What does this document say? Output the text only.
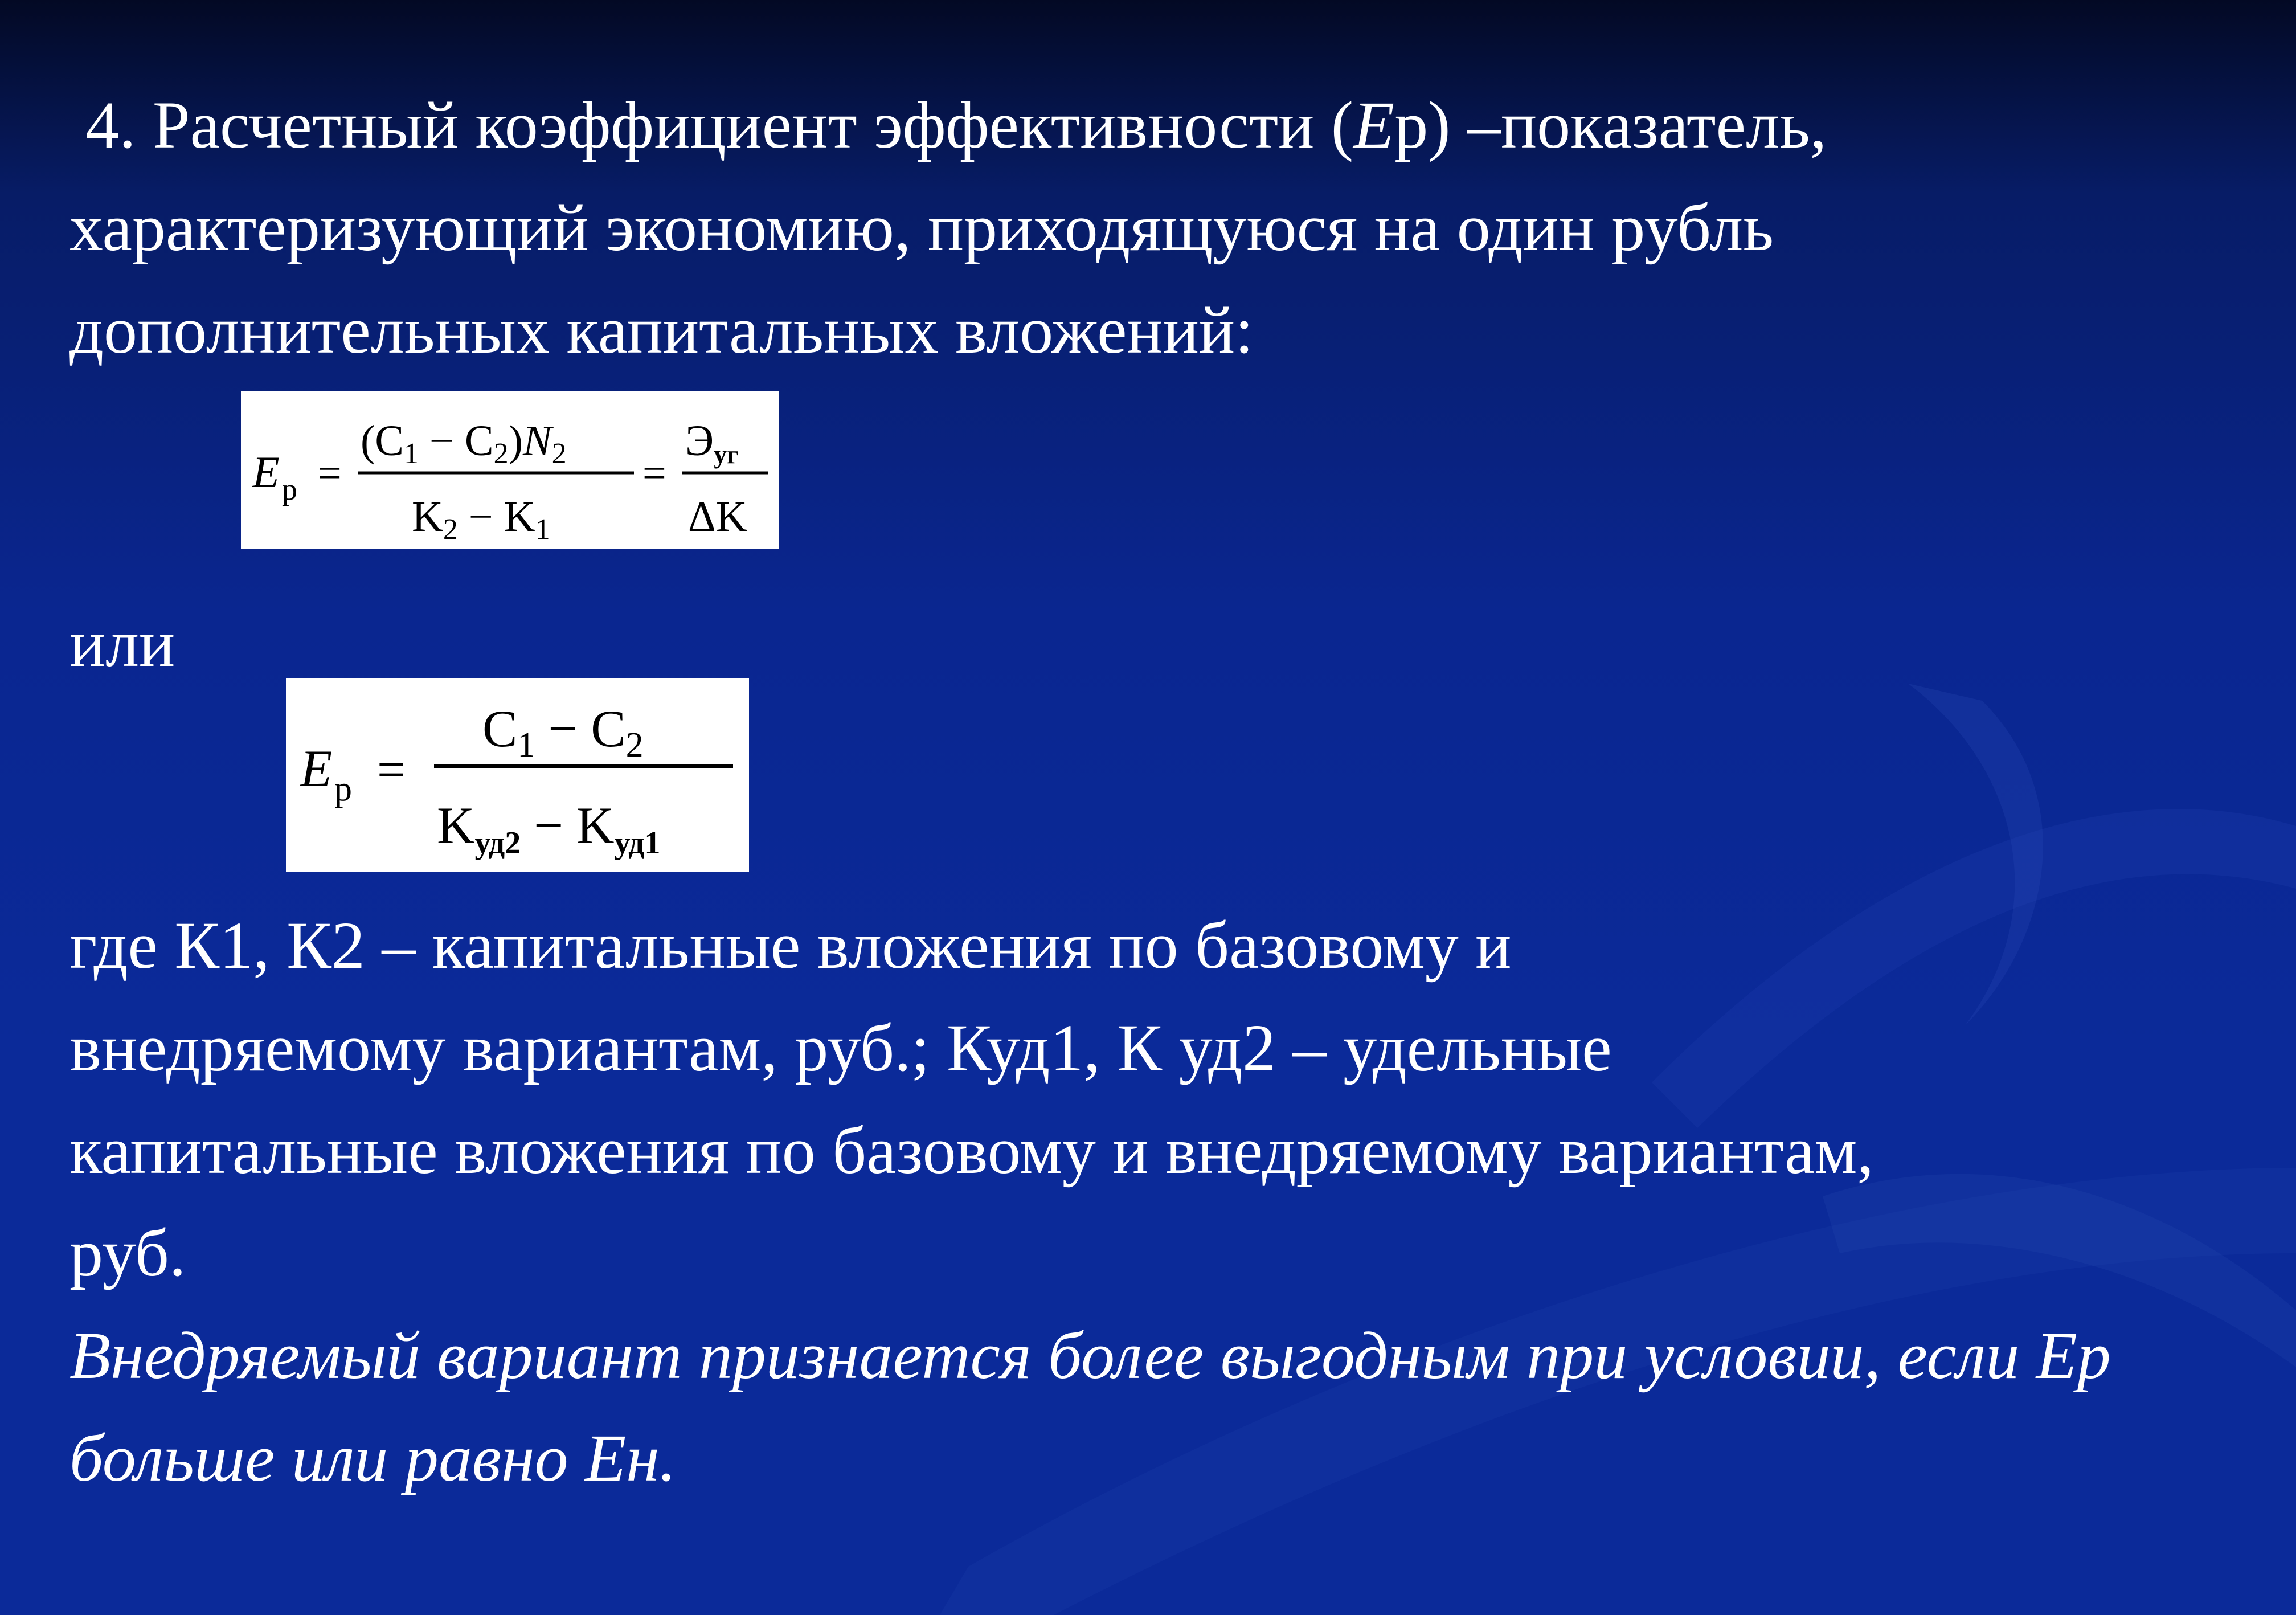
4. Расчетный коэффициент эффективности (Eр) –показатель,

характеризующий экономию, приходящуюся на один рубль

дополнительных капитальных вложений:

E р =
(C1 − C2)N2
K2 − K1
=
Эуг
ΔK

или

E р =
C1 − C2
Kуд2 − Kуд1

где К1, К2 – капитальные вложения по базовому и

внедряемому вариантам, руб.; Куд1, К уд2 – удельные

капитальные вложения по базовому и внедряемому вариантам,

руб.

Внедряемый вариант признается более выгодным при условии, если Ер

больше или равно Ен.
